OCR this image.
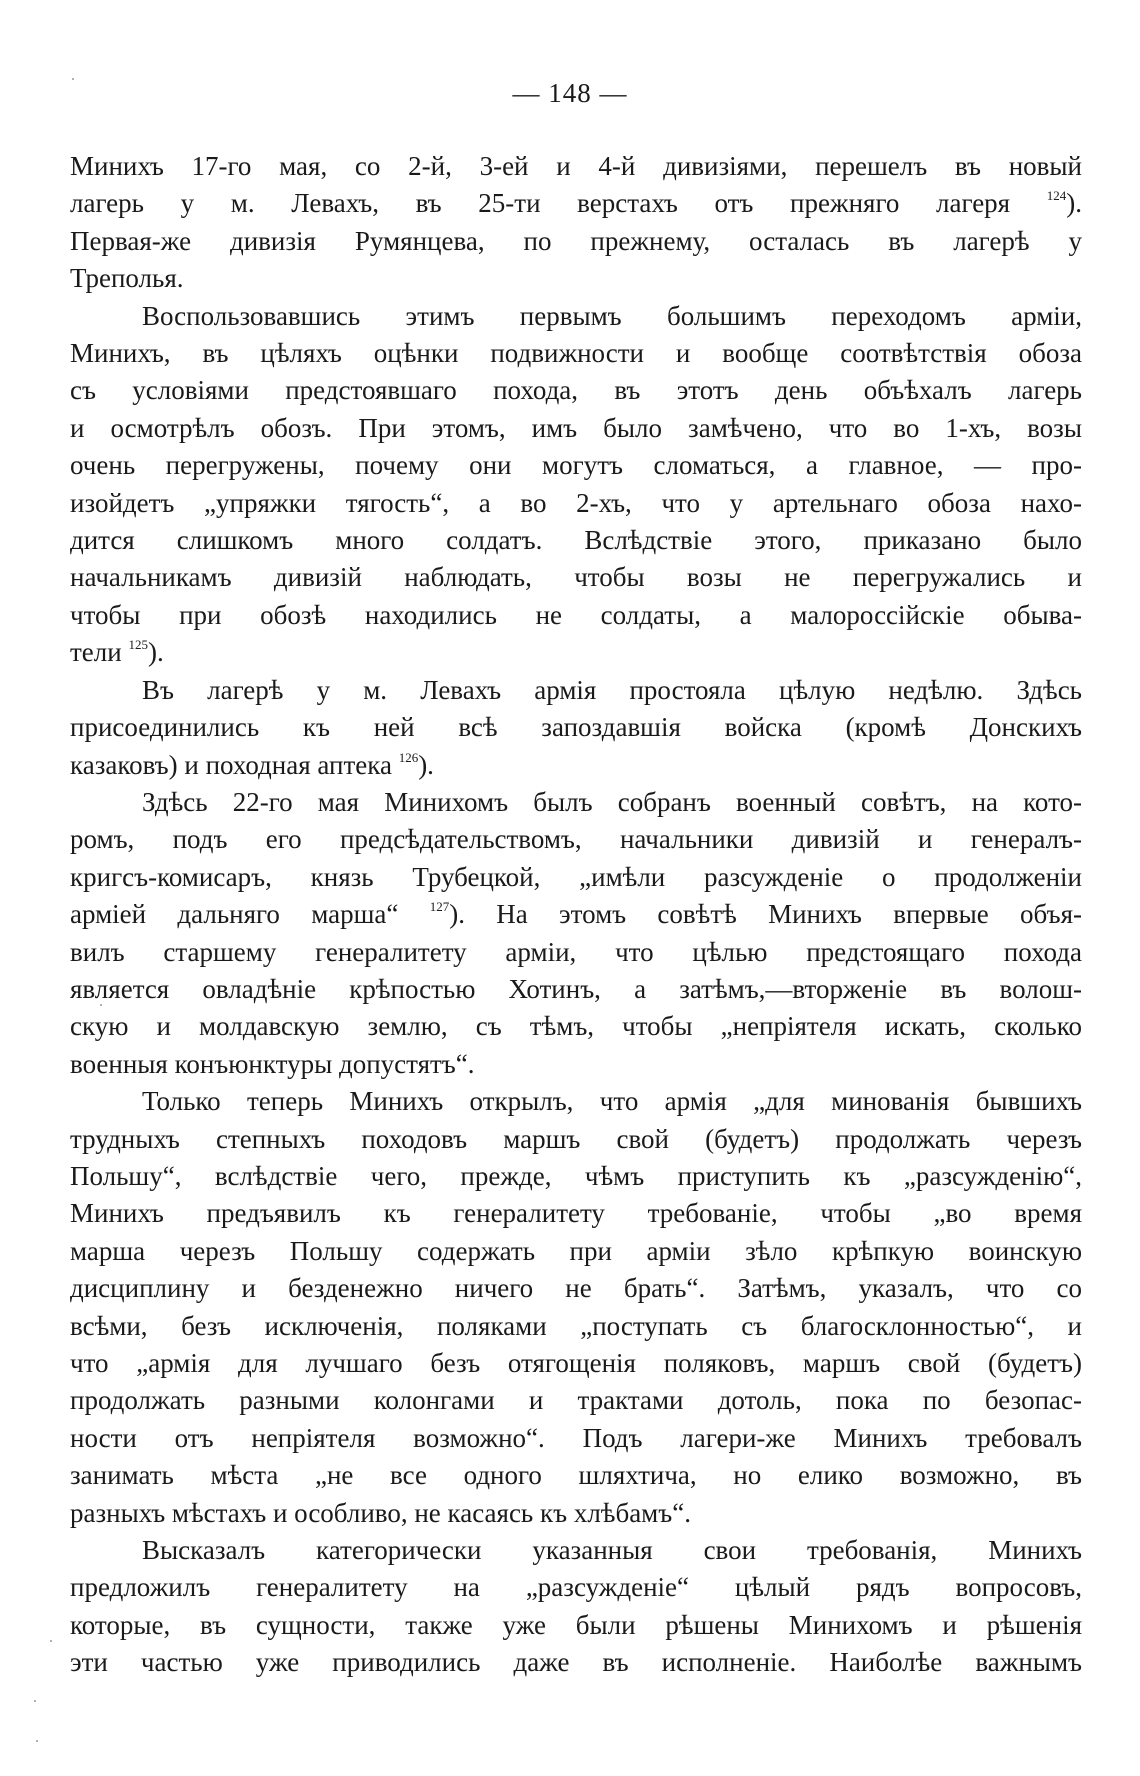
— 148 —
Минихъ 17-го мая, со 2-й, 3-ей и 4-й дивизіями, перешелъ въ новый
лагерь у м. Левахъ, въ 25-ти верстахъ отъ прежняго лагеря $^{124}$).
Первая-же дивизія Румянцева, по прежнему, осталась въ лагерѣ у
Треполья.
Воспользовавшись этимъ первымъ большимъ переходомъ арміи,
Минихъ, въ цѣляхъ оцѣнки подвижности и вообще соотвѣтствія обоза
съ условіями предстоявшаго похода, въ этотъ день объѣхалъ лагерь
и осмотрѣлъ обозъ. При этомъ, имъ было замѣчено, что во 1-хъ, возы
очень перегружены, почему они могутъ сломаться, а главное, — про-
изойдетъ „упряжки тягость“, а во 2-хъ, что у артельнаго обоза нахо-
дится слишкомъ много солдатъ. Вслѣдствіе этого, приказано было
начальникамъ дивизій наблюдать, чтобы возы не перегружались и
чтобы при обозѣ находились не солдаты, а малороссійскіе обыва-
тели $^{125}$).
Въ лагерѣ у м. Левахъ армія простояла цѣлую недѣлю. Здѣсь
присоединились къ ней всѣ запоздавшія войска (кромѣ Донскихъ
казаковъ) и походная аптека $^{126}$).
Здѣсь 22-го мая Минихомъ былъ собранъ военный совѣтъ, на кото-
ромъ, подъ его предсѣдательствомъ, начальники дивизій и генералъ-
кригсъ-комисаръ, князь Трубецкой, „имѣли разсужденіе о продолженіи
арміей дальняго марша“ $^{127}$). На этомъ совѣтѣ Минихъ впервые объя-
вилъ старшему генералитету арміи, что цѣлью предстоящаго похода
является овладѣніе крѣпостью Хотинъ, а затѣмъ,—вторженіе въ волош-
скую и молдавскую землю, съ тѣмъ, чтобы „непріятеля искать, сколько
военныя конъюнктуры допустятъ“.
Только теперь Минихъ открылъ, что армія „для минованія бывшихъ
трудныхъ степныхъ походовъ маршъ свой (будетъ) продолжать черезъ
Польшу“, вслѣдствіе чего, прежде, чѣмъ приступить къ „разсужденію“,
Минихъ предъявилъ къ генералитету требованіе, чтобы „во время
марша черезъ Польшу содержать при арміи зѣло крѣпкую воинскую
дисциплину и безденежно ничего не брать“. Затѣмъ, указалъ, что со
всѣми, безъ исключенія, поляками „поступать съ благосклонностью“, и
что „армія для лучшаго безъ отягощенія поляковъ, маршъ свой (будетъ)
продолжать разными колонгами и трактами дотоль, пока по безопас-
ности отъ непріятеля возможно“. Подъ лагери-же Минихъ требовалъ
занимать мѣста „не все одного шляхтича, но елико возможно, въ
разныхъ мѣстахъ и особливо, не касаясь къ хлѣбамъ“.
Высказалъ категорически указанныя свои требованія, Минихъ
предложилъ генералитету на „разсужденіе“ цѣлый рядъ вопросовъ,
которые, въ сущности, также уже были рѣшены Минихомъ и рѣшенія
эти частью уже приводились даже въ исполненіе. Наиболѣе важнымъ
